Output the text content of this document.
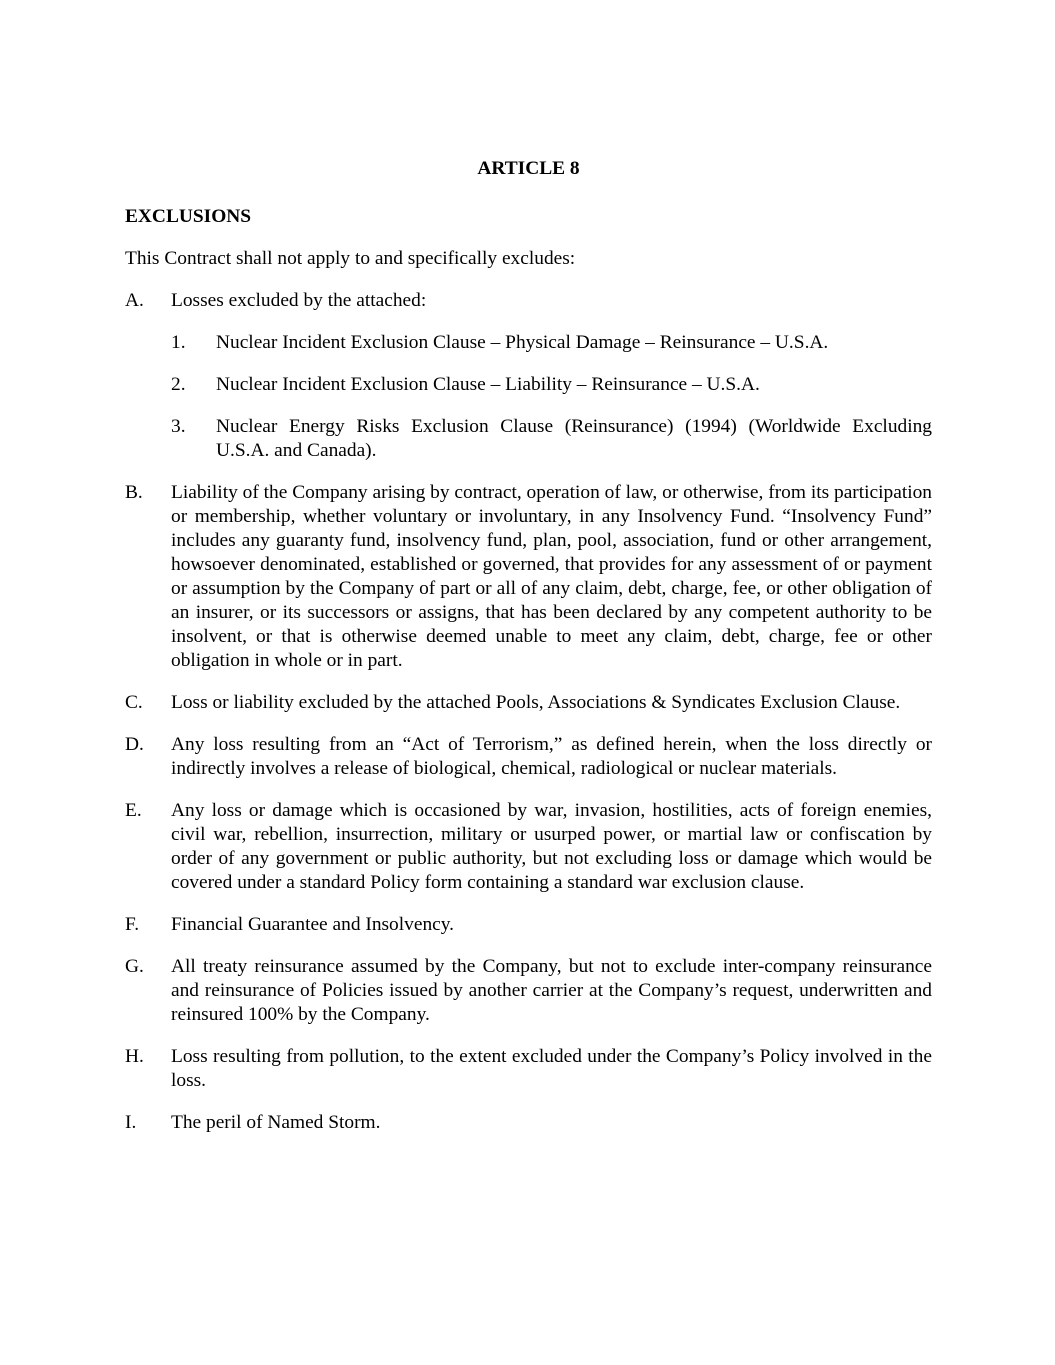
ARTICLE 8
EXCLUSIONS
This Contract shall not apply to and specifically excludes:
A.	Losses excluded by the attached:
1.	Nuclear Incident Exclusion Clause – Physical Damage – Reinsurance – U.S.A.
2.	Nuclear Incident Exclusion Clause – Liability – Reinsurance – U.S.A.
3.	Nuclear Energy Risks Exclusion Clause (Reinsurance) (1994) (Worldwide Excluding U.S.A. and Canada).
B.	Liability of the Company arising by contract, operation of law, or otherwise, from its participation or membership, whether voluntary or involuntary, in any Insolvency Fund. “Insolvency Fund” includes any guaranty fund, insolvency fund, plan, pool, association, fund or other arrangement, howsoever denominated, established or governed, that provides for any assessment of or payment or assumption by the Company of part or all of any claim, debt, charge, fee, or other obligation of an insurer, or its successors or assigns, that has been declared by any competent authority to be insolvent, or that is otherwise deemed unable to meet any claim, debt, charge, fee or other obligation in whole or in part.
C.	Loss or liability excluded by the attached Pools, Associations & Syndicates Exclusion Clause.
D.	Any loss resulting from an “Act of Terrorism,” as defined herein, when the loss directly or indirectly involves a release of biological, chemical, radiological or nuclear materials.
E.	Any loss or damage which is occasioned by war, invasion, hostilities, acts of foreign enemies, civil war, rebellion, insurrection, military or usurped power, or martial law or confiscation by order of any government or public authority, but not excluding loss or damage which would be covered under a standard Policy form containing a standard war exclusion clause.
F.	Financial Guarantee and Insolvency.
G.	All treaty reinsurance assumed by the Company, but not to exclude inter-company reinsurance and reinsurance of Policies issued by another carrier at the Company’s request, underwritten and reinsured 100% by the Company.
H.	Loss resulting from pollution, to the extent excluded under the Company’s Policy involved in the loss.
I.	The peril of Named Storm.
